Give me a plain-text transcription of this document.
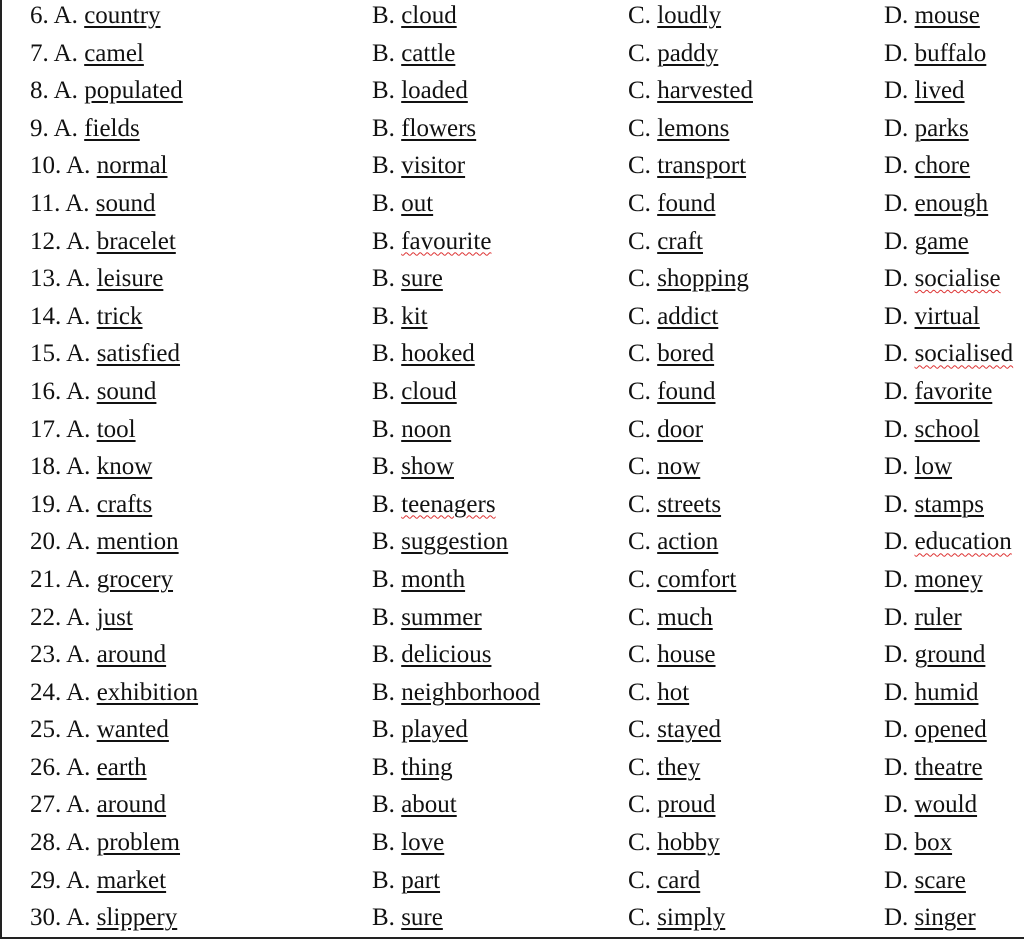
6. A. country	B. cloud	C. loudly	D. mouse
7. A. camel	B. cattle	C. paddy	D. buffalo
8. A. populated	B. loaded	C. harvested	D. lived
9. A. fields	B. flowers	C. lemons	D. parks
10. A. normal	B. visitor	C. transport	D. chore
11. A. sound	B. out	C. found	D. enough
12. A. bracelet	B. favourite	C. craft	D. game
13. A. leisure	B. sure	C. shopping	D. socialise
14. A. trick	B. kit	C. addict	D. virtual
15. A. satisfied	B. hooked	C. bored	D. socialised
16. A. sound	B. cloud	C. found	D. favorite
17. A. tool	B. noon	C. door	D. school
18. A. know	B. show	C. now	D. low
19. A. crafts	B. teenagers	C. streets	D. stamps
20. A. mention	B. suggestion	C. action	D. education
21. A. grocery	B. month	C. comfort	D. money
22. A. just	B. summer	C. much	D. ruler
23. A. around	B. delicious	C. house	D. ground
24. A. exhibition	B. neighborhood	C. hot	D. humid
25. A. wanted	B. played	C. stayed	D. opened
26. A. earth	B. thing	C. they	D. theatre
27. A. around	B. about	C. proud	D. would
28. A. problem	B. love	C. hobby	D. box
29. A. market	B. part	C. card	D. scare
30. A. slippery	B. sure	C. simply	D. singer
